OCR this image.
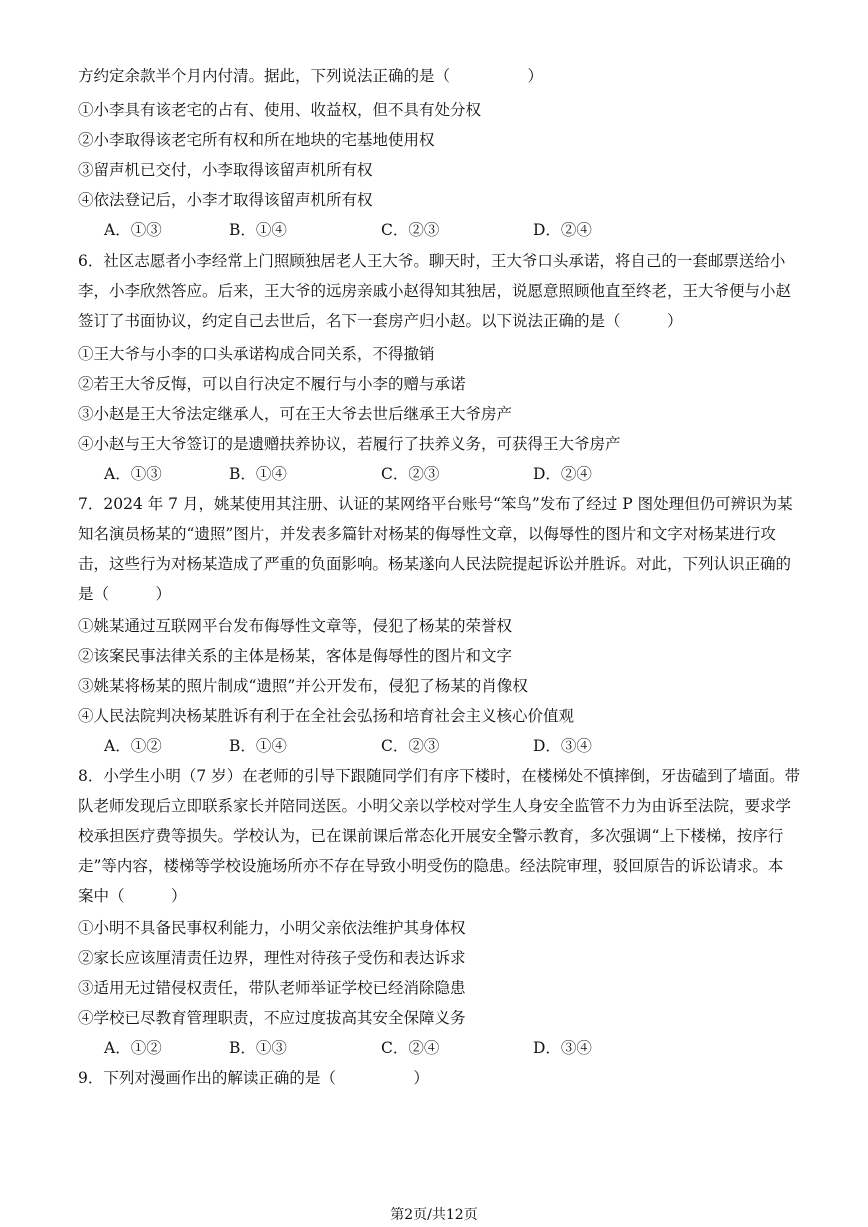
方约定余款半个月内付清。据此，下列说法正确的是（　　　　　）
①小李具有该老宅的占有、使用、收益权，但不具有处分权
②小李取得该老宅所有权和所在地块的宅基地使用权
③留声机已交付，小李取得该留声机所有权
④依法登记后，小李才取得该留声机所有权
A．①③	B．①④	C．②③	D．②④
6．社区志愿者小李经常上门照顾独居老人王大爷。聊天时，王大爷口头承诺，将自己的一套邮票送给小
李，小李欣然答应。后来，王大爷的远房亲戚小赵得知其独居，说愿意照顾他直至终老，王大爷便与小赵
签订了书面协议，约定自己去世后，名下一套房产归小赵。以下说法正确的是（　　　）
①王大爷与小李的口头承诺构成合同关系，不得撤销
②若王大爷反悔，可以自行决定不履行与小李的赠与承诺
③小赵是王大爷法定继承人，可在王大爷去世后继承王大爷房产
④小赵与王大爷签订的是遗赠扶养协议，若履行了扶养义务，可获得王大爷房产
A．①③	B．①④	C．②③	D．②④
7．2024 年 7 月，姚某使用其注册、认证的某网络平台账号“笨鸟”发布了经过 P 图处理但仍可辨识为某
知名演员杨某的“遗照”图片，并发表多篇针对杨某的侮辱性文章，以侮辱性的图片和文字对杨某进行攻
击，这些行为对杨某造成了严重的负面影响。杨某遂向人民法院提起诉讼并胜诉。对此，下列认识正确的
是（　　　）
①姚某通过互联网平台发布侮辱性文章等，侵犯了杨某的荣誉权
②该案民事法律关系的主体是杨某，客体是侮辱性的图片和文字
③姚某将杨某的照片制成“遗照”并公开发布，侵犯了杨某的肖像权
④人民法院判决杨某胜诉有利于在全社会弘扬和培育社会主义核心价值观
A．①②	B．①④	C．②③	D．③④
8．小学生小明（7 岁）在老师的引导下跟随同学们有序下楼时，在楼梯处不慎摔倒，牙齿磕到了墙面。带
队老师发现后立即联系家长并陪同送医。小明父亲以学校对学生人身安全监管不力为由诉至法院，要求学
校承担医疗费等损失。学校认为，已在课前课后常态化开展安全警示教育，多次强调“上下楼梯，按序行
走”等内容，楼梯等学校设施场所亦不存在导致小明受伤的隐患。经法院审理，驳回原告的诉讼请求。本
案中（　　　）
①小明不具备民事权利能力，小明父亲依法维护其身体权
②家长应该厘清责任边界，理性对待孩子受伤和表达诉求
③适用无过错侵权责任，带队老师举证学校已经消除隐患
④学校已尽教育管理职责，不应过度拔高其安全保障义务
A．①②	B．①③	C．②④	D．③④
9．下列对漫画作出的解读正确的是（　　　　　）
第2页/共12页
